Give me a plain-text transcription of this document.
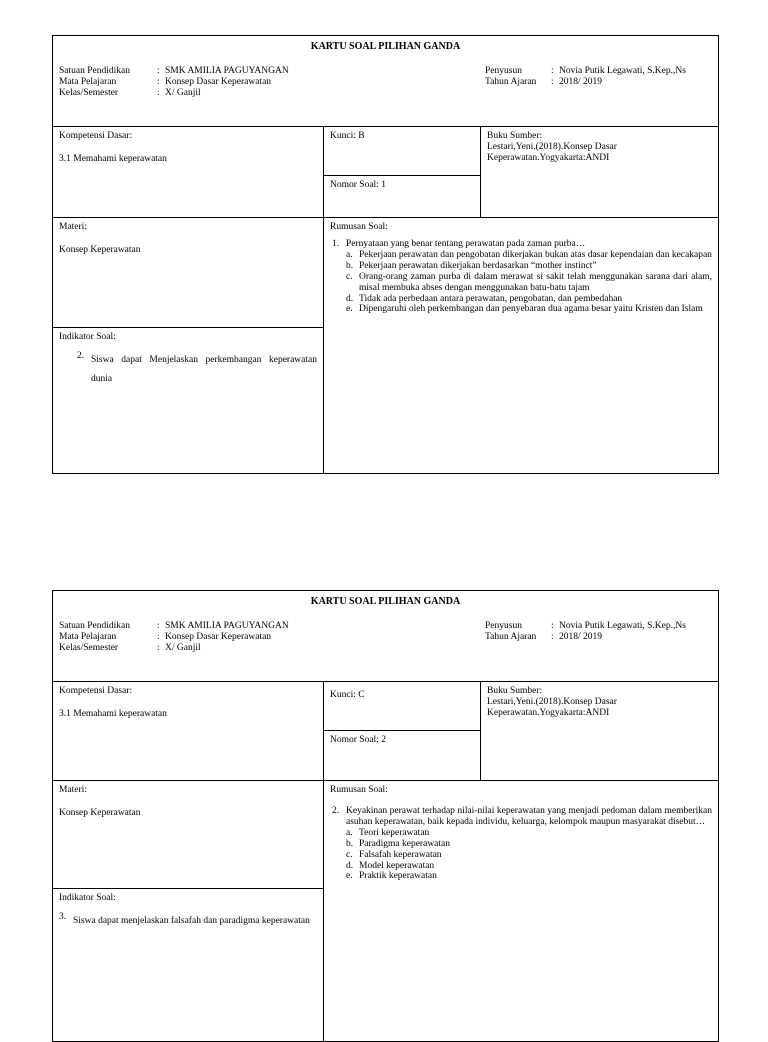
KARTU SOAL PILIHAN GANDA
Satuan Pendidikan	: SMK AMILIA PAGUYANGAN
Mata Pelajaran	: Konsep Dasar Keperawatan
Kelas/Semester	: X/ Ganjil
Penyusun	: Novia Putik Legawati, S.Kep.,Ns
Tahun Ajaran	: 2018/ 2019
Kompetensi Dasar:
3.1 Memahami keperawatan
Kunci: B
Nomor Soal: 1
Buku Sumber:
Lestari,Yeni.(2018).Konsep Dasar Keperawatan.Yogyakarta:ANDI
Materi:
Konsep Keperawatan
Indikator Soal:
2. Siswa dapat Menjelaskan perkembangan keperawatan dunia
Rumusan Soal:
1. Pernyataan yang benar tentang perawatan pada zaman purba…
a. Pekerjaan perawatan dan pengobatan dikerjakan bukan atas dasar kependaian dan kecakapan
b. Pekerjaan perawatan dikerjakan berdasarkan “mother instinct”
c. Orang-orang zaman purba di dalam merawat si sakit telah menggunakan sarana dari alam, misal membuka abses dengan menggunakan batu-batu tajam
d. Tidak ada perbedaan antara perawatan, pengobatan, dan pembedahan
e. Dipengaruhi oleh perkembangan dan penyebaran dua agama besar yaitu Kristen dan Islam
KARTU SOAL PILIHAN GANDA
Satuan Pendidikan	: SMK AMILIA PAGUYANGAN
Mata Pelajaran	: Konsep Dasar Keperawatan
Kelas/Semester	: X/ Ganjil
Penyusun	: Novia Putik Legawati, S.Kep.,Ns
Tahun Ajaran	: 2018/ 2019
Kompetensi Dasar:
3.1 Memahami keperawatan
Kunci: C
Nomor Soal: 2
Buku Sumber:
Lestari,Yeni.(2018).Konsep Dasar Keperawatan.Yogyakarta:ANDI
Materi:
Konsep Keperawatan
Indikator Soal:
3. Siswa dapat menjelaskan falsafah dan paradigma keperawatan
Rumusan Soal:
2. Keyakinan perawat terhadap nilai-nilai keperawatan yang menjadi pedoman dalam memberikan asuhan keperawatan, baik kepada individu, keluarga, kelompok maupun masyarakat disebut…
a. Teori keperawatan
b. Paradigma keperawatan
c. Falsafah keperawatan
d. Model keperawatan
e. Praktik keperawatan
